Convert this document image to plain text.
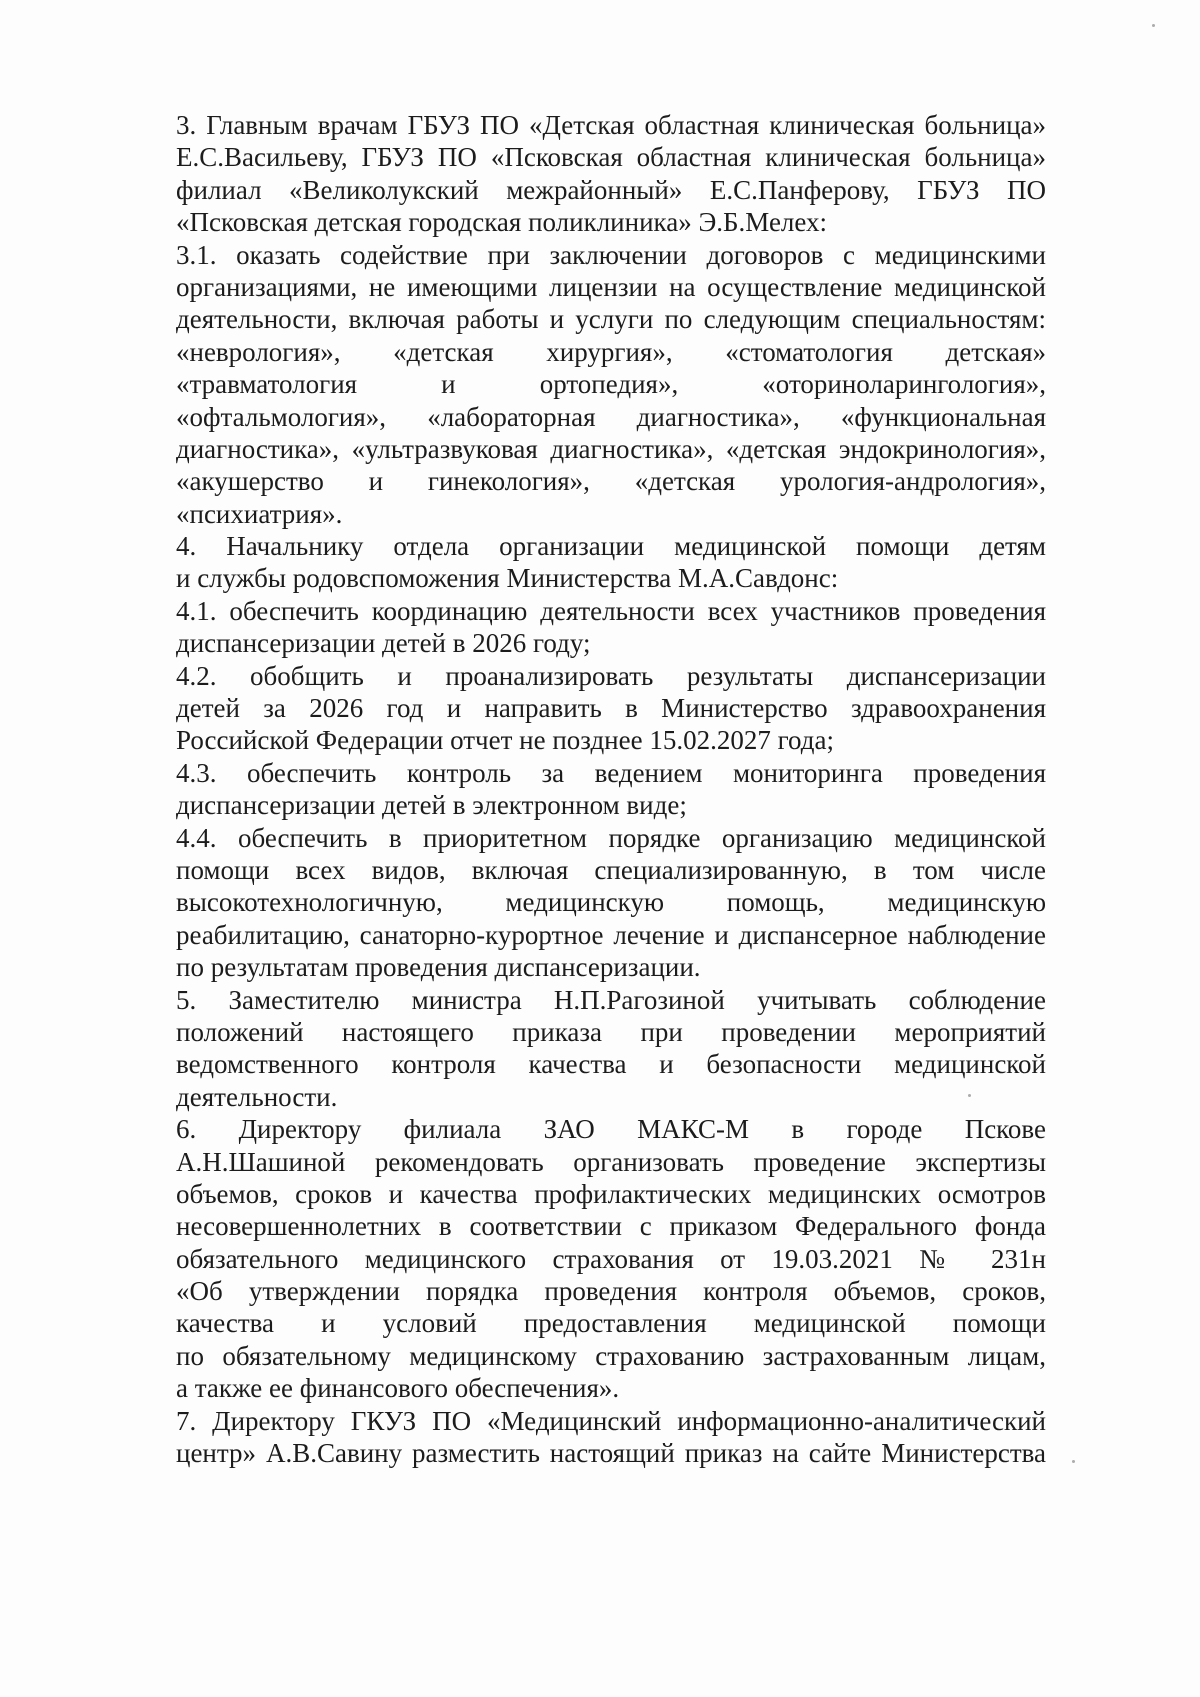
3. Главным врачам ГБУЗ ПО «Детская областная клиническая больница»
Е.С.Васильеву, ГБУЗ ПО «Псковская областная клиническая больница»
филиал «Великолукский межрайонный» Е.С.Панферову, ГБУЗ ПО
«Псковская детская городская поликлиника» Э.Б.Мелех:
3.1. оказать содействие при заключении договоров с медицинскими
организациями, не имеющими лицензии на осуществление медицинской
деятельности, включая работы и услуги по следующим специальностям:
«неврология», «детская хирургия», «стоматология детская»
«травматология и ортопедия», «оториноларингология»,
«офтальмология», «лабораторная диагностика», «функциональная
диагностика», «ультразвуковая диагностика», «детская эндокринология»,
«акушерство и гинекология», «детская урология-андрология»,
«психиатрия».
4. Начальнику отдела организации медицинской помощи детям
и службы родовспоможения Министерства М.А.Савдонс:
4.1. обеспечить координацию деятельности всех участников проведения
диспансеризации детей в 2026 году;
4.2. обобщить и проанализировать результаты диспансеризации
детей за 2026 год и направить в Министерство здравоохранения
Российской Федерации отчет не позднее 15.02.2027 года;
4.3. обеспечить контроль за ведением мониторинга проведения
диспансеризации детей в электронном виде;
4.4. обеспечить в приоритетном порядке организацию медицинской
помощи всех видов, включая специализированную, в том числе
высокотехнологичную, медицинскую помощь, медицинскую
реабилитацию, санаторно-курортное лечение и диспансерное наблюдение
по результатам проведения диспансеризации.
5. Заместителю министра Н.П.Рагозиной учитывать соблюдение
положений настоящего приказа при проведении мероприятий
ведомственного контроля качества и безопасности медицинской
деятельности.
6. Директору филиала ЗАО МАКС-М в городе Пскове
А.Н.Шашиной рекомендовать организовать проведение экспертизы
объемов, сроков и качества профилактических медицинских осмотров
несовершеннолетних в соответствии с приказом Федерального фонда
обязательного медицинского страхования от 19.03.2021 № 231н
«Об утверждении порядка проведения контроля объемов, сроков,
качества и условий предоставления медицинской помощи
по обязательному медицинскому страхованию застрахованным лицам,
а также ее финансового обеспечения».
7. Директору ГКУЗ ПО «Медицинский информационно-аналитический
центр» А.В.Савину разместить настоящий приказ на сайте Министерства
